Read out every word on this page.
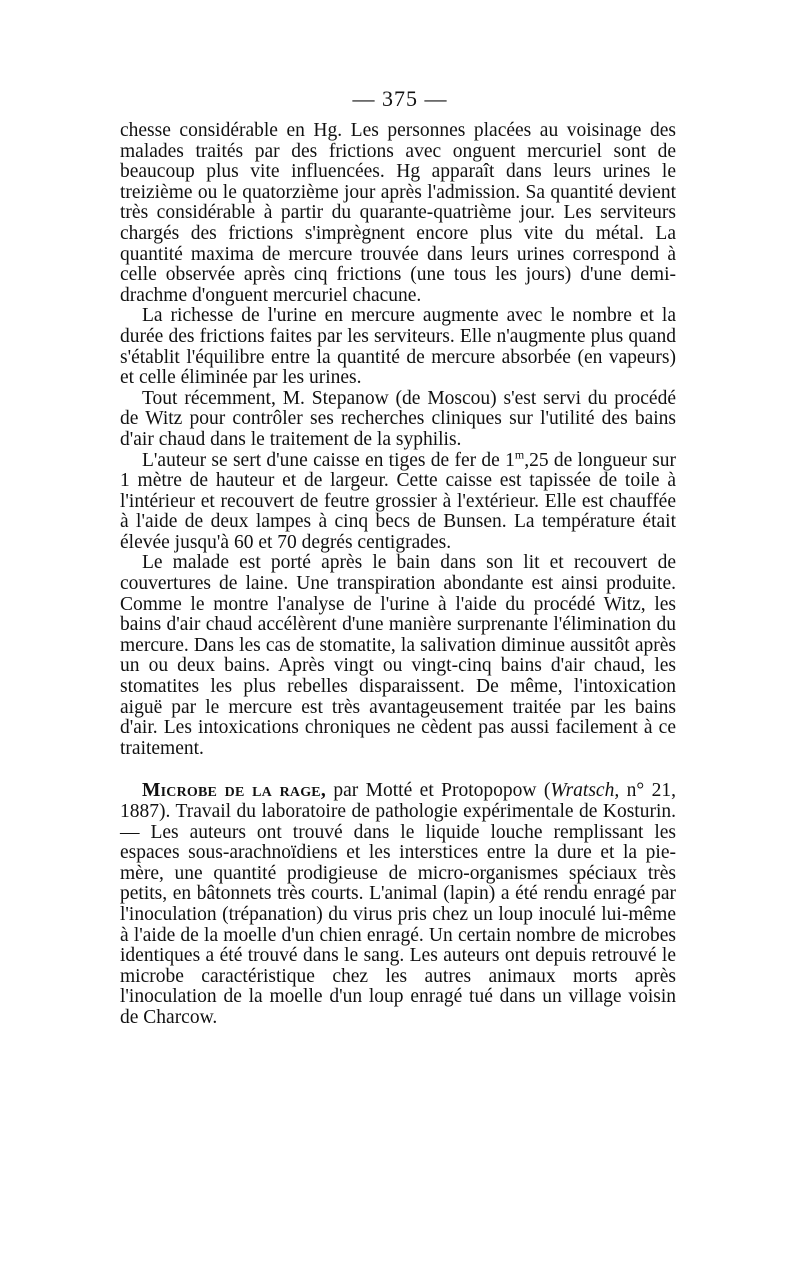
— 375 —

chesse considérable en Hg. Les personnes placées au voisinage des malades traités par des frictions avec onguent mercuriel sont de beaucoup plus vite influencées. Hg apparaît dans leurs urines le treizième ou le quatorzième jour après l'admission. Sa quantité devient très considérable à partir du quarante-quatrième jour. Les serviteurs chargés des frictions s'imprègnent encore plus vite du métal. La quantité maxima de mercure trouvée dans leurs urines correspond à celle observée après cinq frictions (une tous les jours) d'une demi-drachme d'onguent mercuriel chacune.

La richesse de l'urine en mercure augmente avec le nombre et la durée des frictions faites par les serviteurs. Elle n'augmente plus quand s'établit l'équilibre entre la quantité de mercure absorbée (en vapeurs) et celle éliminée par les urines.

Tout récemment, M. Stepanow (de Moscou) s'est servi du procédé de Witz pour contrôler ses recherches cliniques sur l'utilité des bains d'air chaud dans le traitement de la syphilis.

L'auteur se sert d'une caisse en tiges de fer de 1$^m$,25 de longueur sur 1 mètre de hauteur et de largeur. Cette caisse est tapissée de toile à l'intérieur et recouvert de feutre grossier à l'extérieur. Elle est chauffée à l'aide de deux lampes à cinq becs de Bunsen. La température était élevée jusqu'à 60 et 70 degrés centigrades.

Le malade est porté après le bain dans son lit et recouvert de couvertures de laine. Une transpiration abondante est ainsi produite. Comme le montre l'analyse de l'urine à l'aide du procédé Witz, les bains d'air chaud accélèrent d'une manière surprenante l'élimination du mercure. Dans les cas de stomatite, la salivation diminue aussitôt après un ou deux bains. Après vingt ou vingt-cinq bains d'air chaud, les stomatites les plus rebelles disparaissent. De même, l'intoxication aiguë par le mercure est très avantageusement traitée par les bains d'air. Les intoxications chroniques ne cèdent pas aussi facilement à ce traitement.

Microbe de la rage, par Motté et Protopopow (Wratsch, n° 21, 1887). Travail du laboratoire de pathologie expérimentale de Kosturin. — Les auteurs ont trouvé dans le liquide louche remplissant les espaces sous-arachnoïdiens et les interstices entre la dure et la pie-mère, une quantité prodigieuse de micro-organismes spéciaux très petits, en bâtonnets très courts. L'animal (lapin) a été rendu enragé par l'inoculation (trépanation) du virus pris chez un loup inoculé lui-même à l'aide de la moelle d'un chien enragé. Un certain nombre de microbes identiques a été trouvé dans le sang. Les auteurs ont depuis retrouvé le microbe caractéristique chez les autres animaux morts après l'inoculation de la moelle d'un loup enragé tué dans un village voisin de Charcow.
